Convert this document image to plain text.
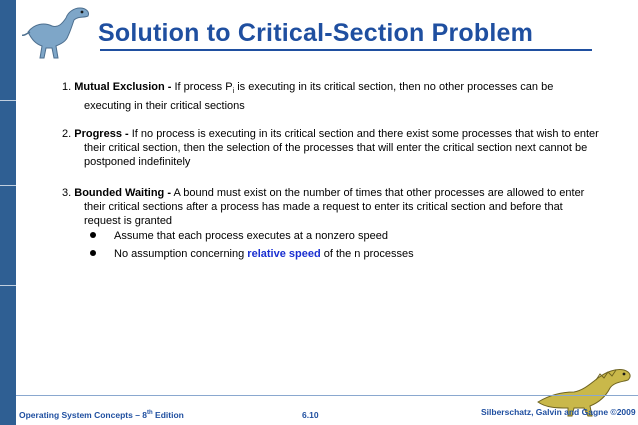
Solution to Critical-Section Problem
1. Mutual Exclusion - If process $P_i$ is executing in its critical section, then no other processes can be
executing in their critical sections
2. Progress - If no process is executing in its critical section and there exist some processes that wish to enter
their critical section, then the selection of the processes that will enter the critical section next cannot be postponed indefinitely
3. Bounded Waiting - A bound must exist on the number of times that other processes are allowed to enter
their critical sections after a process has made a request to enter its critical section and before that request is granted
Assume that each process executes at a nonzero speed
No assumption concerning relative speed of the n processes
Operating System Concepts – 8th Edition	6.10	Silberschatz, Galvin and Gagne ©2009
